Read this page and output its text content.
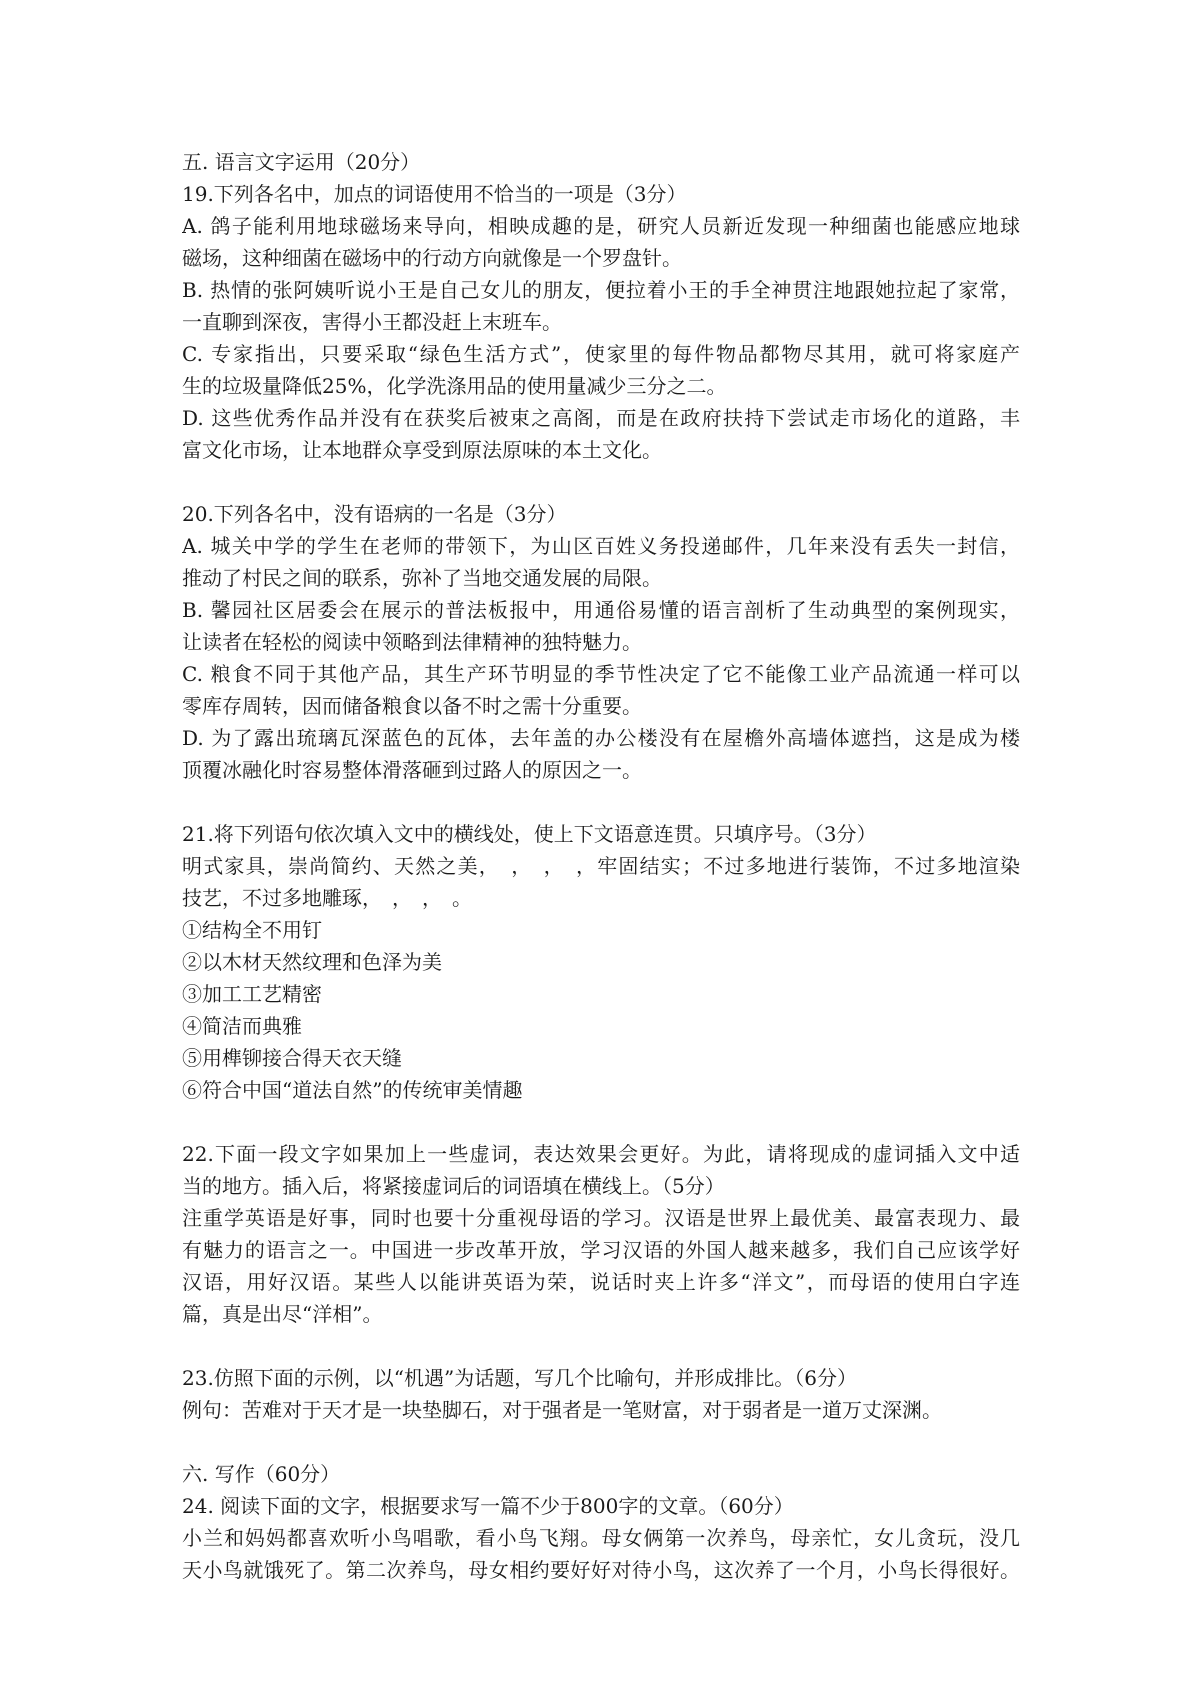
五. 语言文字运用（20分）
19.下列各名中，加点的词语使用不恰当的一项是（3分）
A. 鸽子能利用地球磁场来导向，相映成趣的是，研究人员新近发现一种细菌也能感应地球
磁场，这种细菌在磁场中的行动方向就像是一个罗盘针。
B. 热情的张阿姨听说小王是自己女儿的朋友，便拉着小王的手全神贯注地跟她拉起了家常，
一直聊到深夜，害得小王都没赶上末班车。
C. 专家指出，只要采取“绿色生活方式”，使家里的每件物品都物尽其用，就可将家庭产
生的垃圾量降低25%，化学洗涤用品的使用量减少三分之二。
D. 这些优秀作品并没有在获奖后被束之高阁，而是在政府扶持下尝试走市场化的道路，丰
富文化市场，让本地群众享受到原法原味的本土文化。
20.下列各名中，没有语病的一名是（3分）
A. 城关中学的学生在老师的带领下，为山区百姓义务投递邮件，几年来没有丢失一封信，
推动了村民之间的联系，弥补了当地交通发展的局限。
B. 馨园社区居委会在展示的普法板报中，用通俗易懂的语言剖析了生动典型的案例现实，
让读者在轻松的阅读中领略到法律精神的独特魅力。
C. 粮食不同于其他产品，其生产环节明显的季节性决定了它不能像工业产品流通一样可以
零库存周转，因而储备粮食以备不时之需十分重要。
D. 为了露出琉璃瓦深蓝色的瓦体，去年盖的办公楼没有在屋檐外高墙体遮挡，这是成为楼
顶覆冰融化时容易整体滑落砸到过路人的原因之一。
21.将下列语句依次填入文中的横线处，使上下文语意连贯。只填序号。（3分）
明式家具，崇尚简约、天然之美，　，　，　，牢固结实；不过多地进行装饰，不过多地渲染
技艺，不过多地雕琢，　，　，　。
①结构全不用钉
②以木材天然纹理和色泽为美
③加工工艺精密
④简洁而典雅
⑤用榫铆接合得天衣天缝
⑥符合中国“道法自然”的传统审美情趣
22.下面一段文字如果加上一些虚词，表达效果会更好。为此，请将现成的虚词插入文中适
当的地方。插入后，将紧接虚词后的词语填在横线上。（5分）
注重学英语是好事，同时也要十分重视母语的学习。汉语是世界上最优美、最富表现力、最
有魅力的语言之一。中国进一步改革开放，学习汉语的外国人越来越多，我们自己应该学好
汉语，用好汉语。某些人以能讲英语为荣，说话时夹上许多“洋文”，而母语的使用白字连
篇，真是出尽“洋相”。
23.仿照下面的示例，以“机遇”为话题，写几个比喻句，并形成排比。（6分）
例句：苦难对于天才是一块垫脚石，对于强者是一笔财富，对于弱者是一道万丈深渊。
六. 写作（60分）
24. 阅读下面的文字，根据要求写一篇不少于800字的文章。（60分）
小兰和妈妈都喜欢听小鸟唱歌，看小鸟飞翔。母女俩第一次养鸟，母亲忙，女儿贪玩，没几
天小鸟就饿死了。第二次养鸟，母女相约要好好对待小鸟，这次养了一个月，小鸟长得很好。
